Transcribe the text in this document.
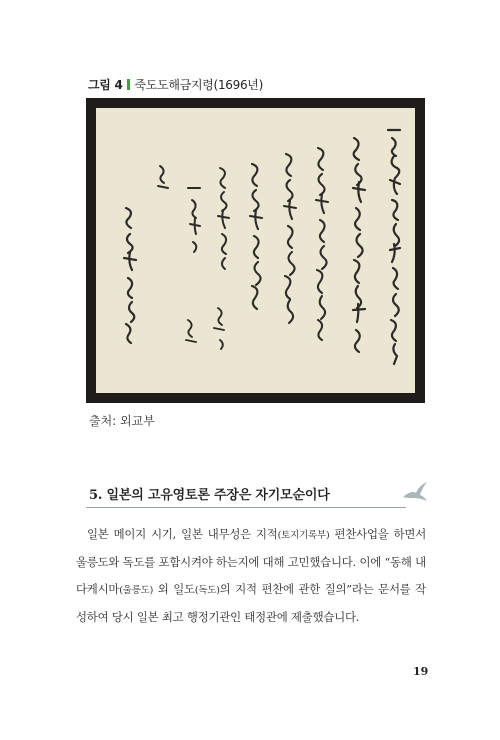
그림 4 죽도도해금지령(1696년)
출처: 외교부
5. 일본의 고유영토론 주장은 자기모순이다

일본 메이지 시기, 일본 내무성은 지적(토지기록부) 편찬사업을 하면서 울릉도와 독도를 포함시켜야 하는지에 대해 고민했습니다. 이에 “동해 내 다케시마(울릉도) 외 일도(독도)의 지적 편찬에 관한 질의”라는 문서를 작성하여 당시 일본 최고 행정기관인 태정관에 제출했습니다.

19
